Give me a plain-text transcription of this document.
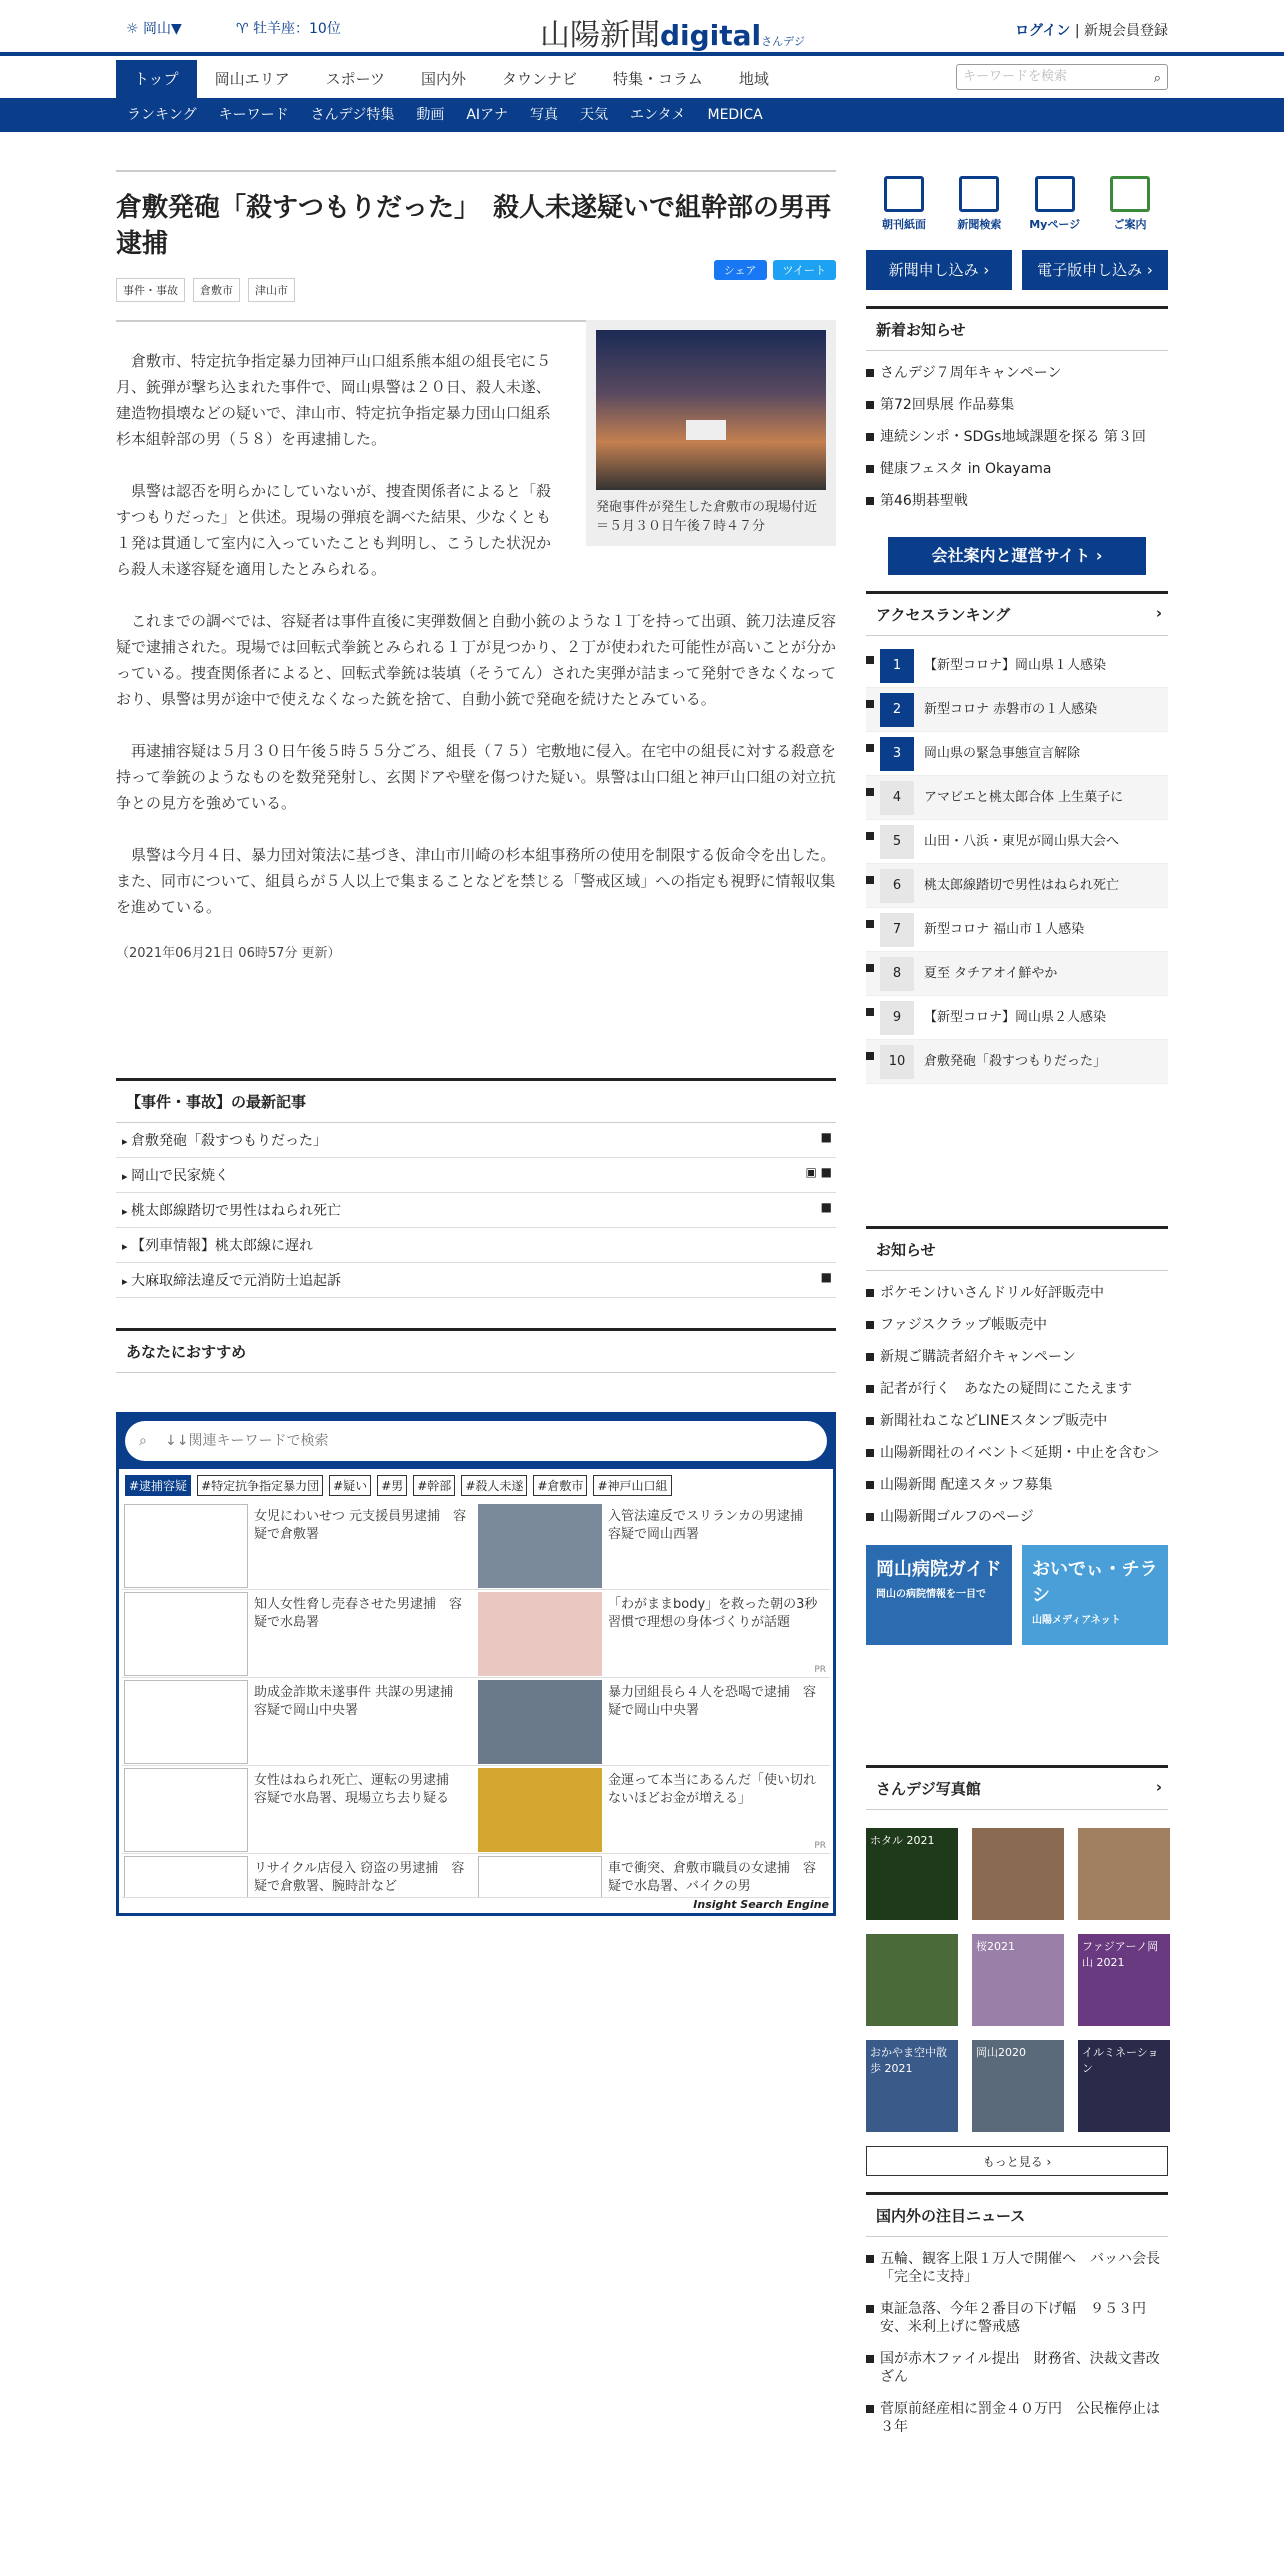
☼ 岡山▼	♈ 牡羊座：10位	山陽新聞digitalさんデジ
ログイン | 新規会員登録
トップ	岡山エリア	スポーツ	国内外	タウンナビ	特集・コラム	地域	キーワードを検索	⌕
ランキング	キーワード	さんデジ特集	動画	AIアナ	写真	天気	エンタメ	MEDICA
倉敷発砲「殺すつもりだった」　殺人未遂疑いで組幹部の男再逮捕
事件・事故	倉敷市	津山市
シェア	ツイート
発砲事件が発生した倉敷市の現場付近＝５月３０日午後７時４７分

倉敷市、特定抗争指定暴力団神戸山口組系熊本組の組長宅に５月、銃弾が撃ち込まれた事件で、岡山県警は２０日、殺人未遂、建造物損壊などの疑いで、津山市、特定抗争指定暴力団山口組系杉本組幹部の男（５８）を再逮捕した。

県警は認否を明らかにしていないが、捜査関係者によると「殺すつもりだった」と供述。現場の弾痕を調べた結果、少なくとも１発は貫通して室内に入っていたことも判明し、こうした状況から殺人未遂容疑を適用したとみられる。

これまでの調べでは、容疑者は事件直後に実弾数個と自動小銃のような１丁を持って出頭、銃刀法違反容疑で逮捕された。現場では回転式拳銃とみられる１丁が見つかり、２丁が使われた可能性が高いことが分かっている。捜査関係者によると、回転式拳銃は装填（そうてん）された実弾が詰まって発射できなくなっており、県警は男が途中で使えなくなった銃を捨て、自動小銃で発砲を続けたとみている。

再逮捕容疑は５月３０日午後５時５５分ごろ、組長（７５）宅敷地に侵入。在宅中の組長に対する殺意を持って拳銃のようなものを数発発射し、玄関ドアや壁を傷つけた疑い。県警は山口組と神戸山口組の対立抗争との見方を強めている。

県警は今月４日、暴力団対策法に基づき、津山市川崎の杉本組事務所の使用を制限する仮命令を出した。また、同市について、組員らが５人以上で集まることなどを禁じる「警戒区域」への指定も視野に情報収集を進めている。

（2021年06月21日 06時57分 更新）
【事件・事故】の最新記事
▸ 倉敷発砲「殺すつもりだった」	■
▸ 岡山で民家焼く	▣ ■
▸ 桃太郎線踏切で男性はねられ死亡	■
▸ 【列車情報】桃太郎線に遅れ
▸ 大麻取締法違反で元消防士追起訴	■
あなたにおすすめ
⌕ ↓↓関連キーワードで検索
#逮捕容疑	#特定抗争指定暴力団	#疑い	#男	#幹部	#殺人未遂	#倉敷市	#神戸山口組
女児にわいせつ 元支援員男逮捕　容疑で倉敷署
入管法違反でスリランカの男逮捕　容疑で岡山西署
知人女性脅し売春させた男逮捕　容疑で水島署
「わがままbody」を救った朝の3秒習慣で理想の身体づくりが話題
PR
助成金詐欺未遂事件 共謀の男逮捕　容疑で岡山中央署
暴力団組長ら４人を恐喝で逮捕　容疑で岡山中央署
女性はねられ死亡、運転の男逮捕　容疑で水島署、現場立ち去り疑る
金運って本当にあるんだ「使い切れないほどお金が増える」
PR
リサイクル店侵入 窃盗の男逮捕　容疑で倉敷署、腕時計など
車で衝突、倉敷市職員の女逮捕　容疑で水島署、バイクの男
Insight Search Engine
朝刊紙面	新聞検索	Myページ	ご案内
新聞申し込み ›	電子版申し込み ›
新着お知らせ
さんデジ７周年キャンペーン
第72回県展 作品募集
連続シンポ・SDGs地域課題を探る 第３回
健康フェスタ in Okayama
第46期碁聖戦
会社案内と運営サイト ›
アクセスランキング	›
1	【新型コロナ】岡山県１人感染
2	新型コロナ 赤磐市の１人感染
3	岡山県の緊急事態宣言解除
4	アマビエと桃太郎合体 上生菓子に
5	山田・八浜・東児が岡山県大会へ
6	桃太郎線踏切で男性はねられ死亡
7	新型コロナ 福山市１人感染
8	夏至 タチアオイ鮮やか
9	【新型コロナ】岡山県２人感染
10	倉敷発砲「殺すつもりだった」
お知らせ
ポケモンけいさんドリル好評販売中
ファジスクラップ帳販売中
新規ご購読者紹介キャンペーン
記者が行く　あなたの疑問にこたえます
新聞社ねこなどLINEスタンプ販売中
山陽新聞社のイベント＜延期・中止を含む＞
山陽新聞 配達スタッフ募集
山陽新聞ゴルフのページ
岡山病院ガイド
岡山の病院情報を一目で
おいでぃ・チラシ
山陽メディアネット
さんデジ写真館	›
ホタル 2021
桜2021	ファジアーノ岡山 2021
おかやま空中散歩 2021
岡山2020	イルミネーション
もっと見る ›
国内外の注目ニュース
五輪、観客上限１万人で開催へ　バッハ会長「完全に支持」
東証急落、今年２番目の下げ幅　９５３円安、米利上げに警戒感
国が赤木ファイル提出　財務省、決裁文書改ざん
菅原前経産相に罰金４０万円　公民権停止は３年
